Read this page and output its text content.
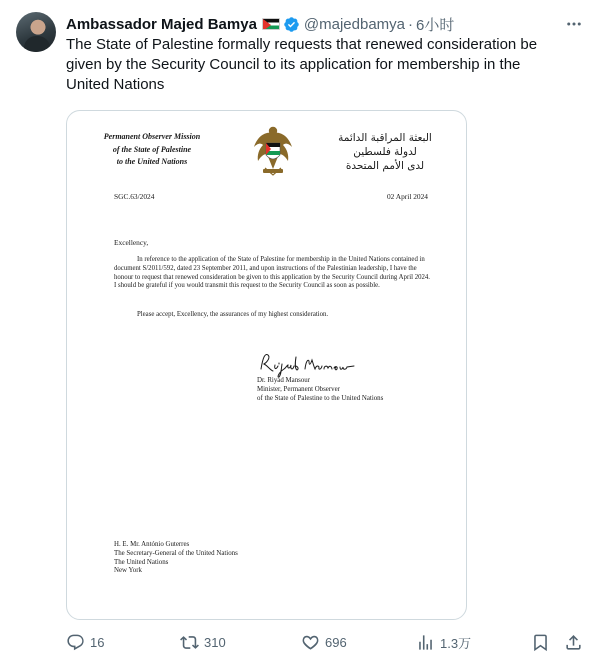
Ambassador Majed Bamya	@majedbamya · 6小时
The State of Palestine formally requests that renewed consideration be given by the Security Council to its application for membership in the United Nations
Permanent Observer Mission
of the State of Palestine
to the United Nations
البعثة المراقبة الدائمة
لدولة فلسطين
لدى الأمم المتحدة
SGC.63/2024	02 April 2024
Excellency,
In reference to the application of the State of Palestine for membership in the United Nations contained in document S/2011/592, dated 23 September 2011, and upon instructions of the Palestinian leadership, I have the honour to request that renewed consideration be given to this application by the Security Council during April 2024. I should be grateful if you would transmit this request to the Security Council as soon as possible.
Please accept, Excellency, the assurances of my highest consideration.
Dr. Riyad Mansour
Minister, Permanent Observer
of the State of Palestine to the United Nations
H. E. Mr. António Guterres
The Secretary-General of the United Nations
The United Nations
New York
16	310	696	1.3万
